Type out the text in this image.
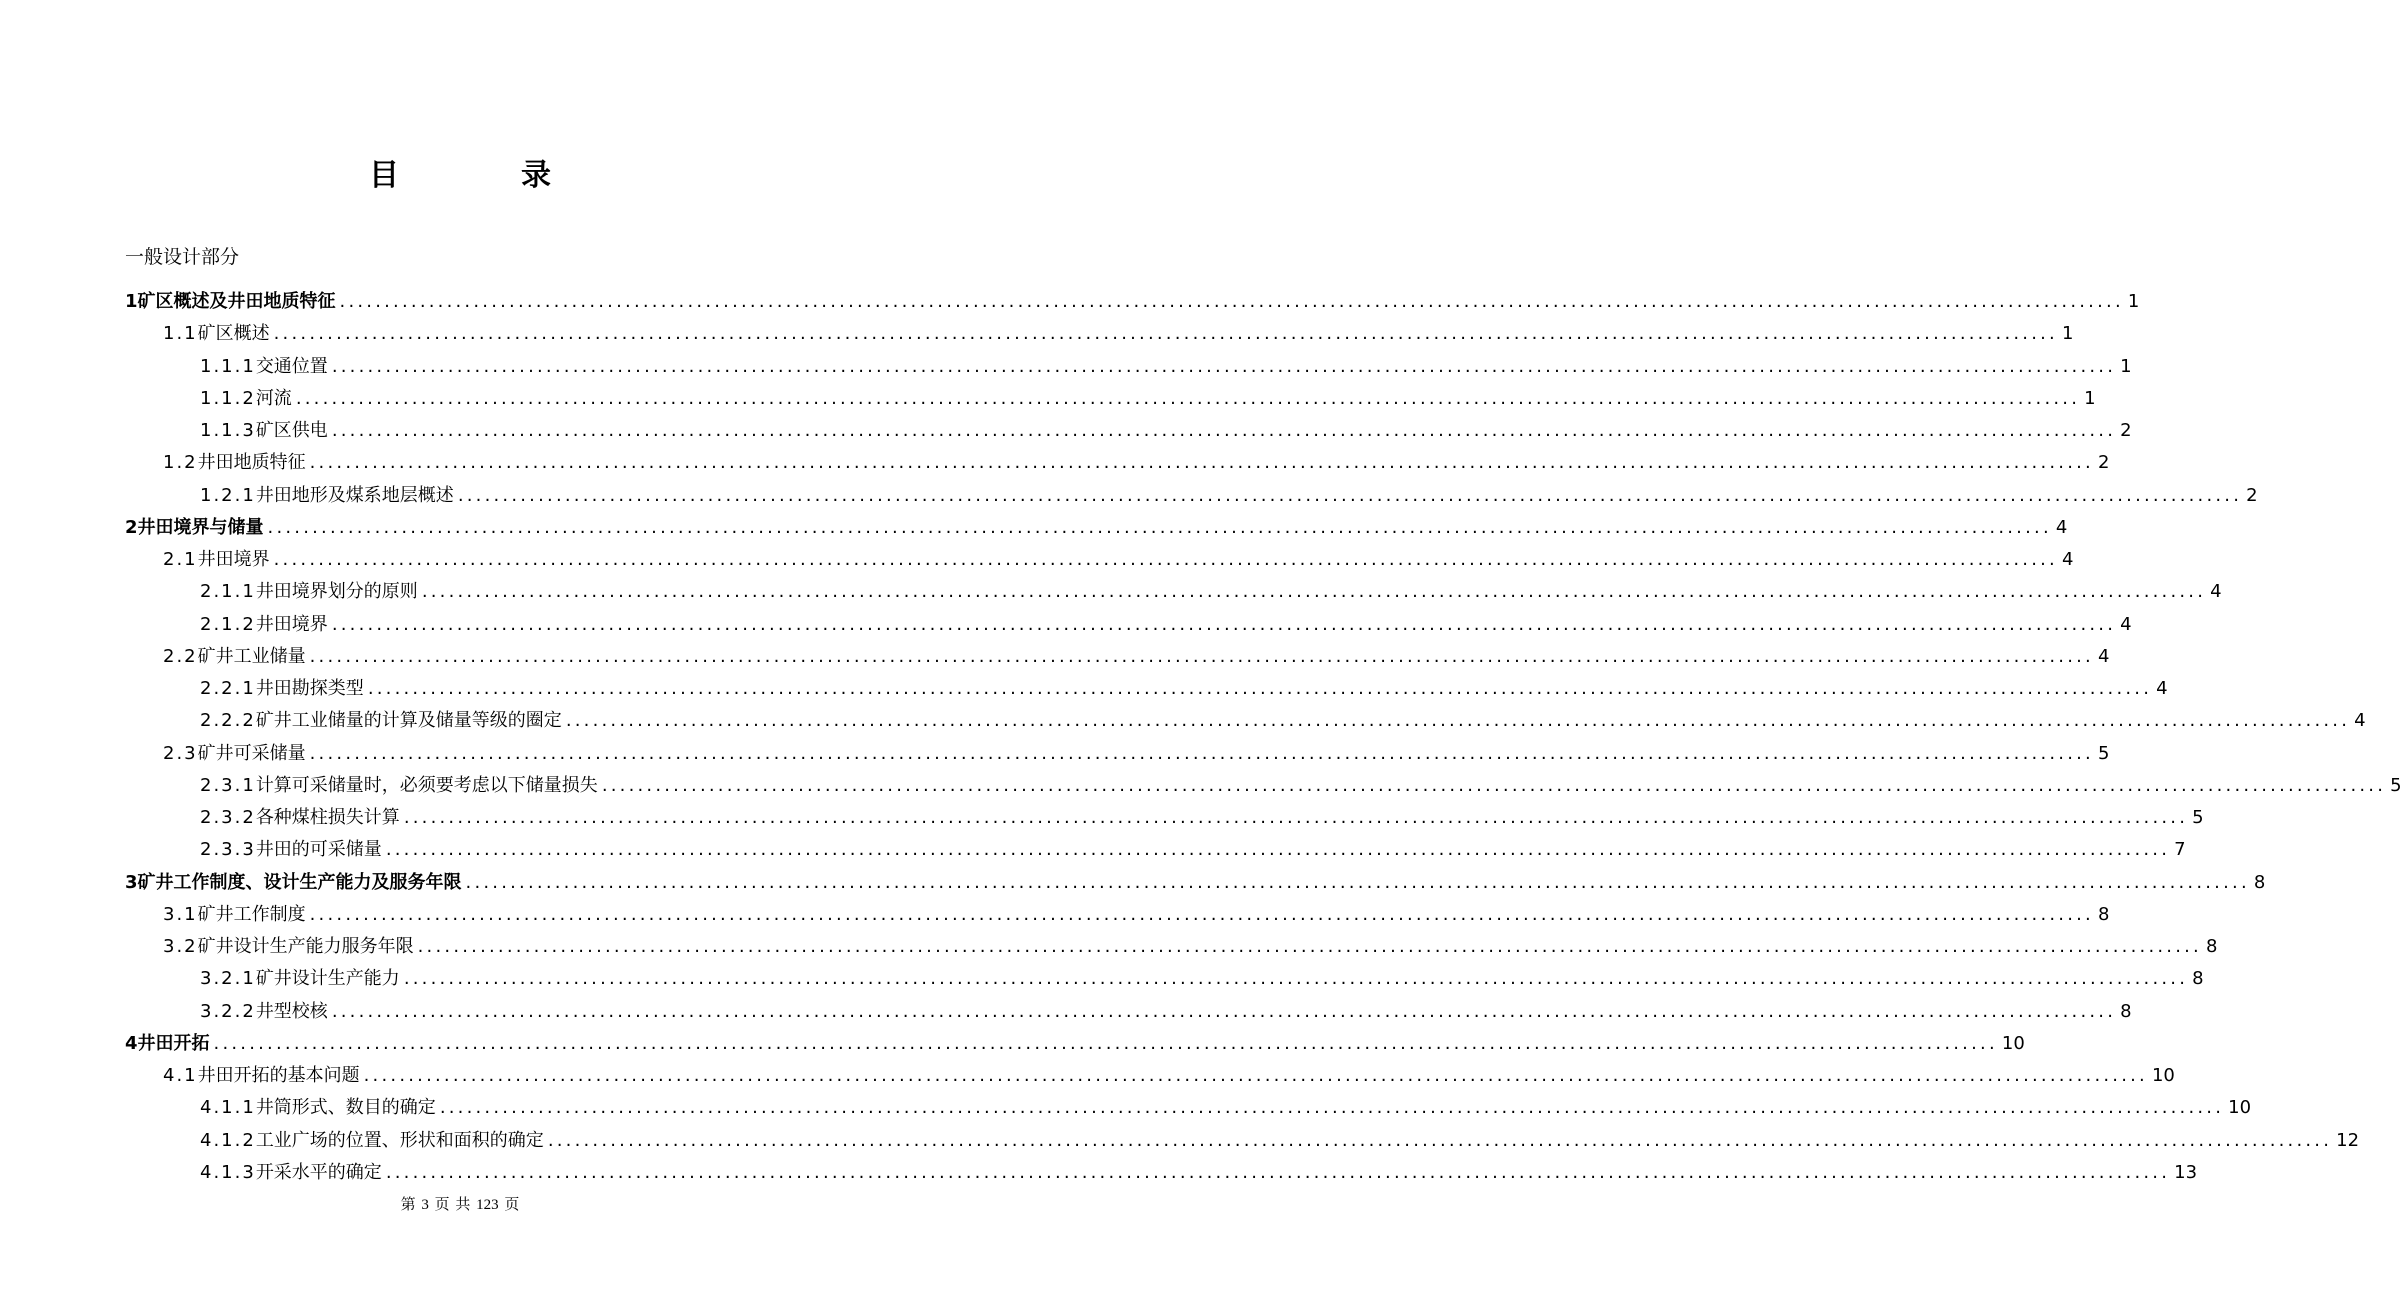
目　录
一般设计部分
1 矿区概述及井田地质特征 ........................................................................................................................................................................................................ 1
1.1 矿区概述 ........................................................................................................................................................................................................ 1
1.1.1 交通位置 ........................................................................................................................................................................................................ 1
1.1.2 河流 ........................................................................................................................................................................................................ 1
1.1.3 矿区供电 ........................................................................................................................................................................................................ 2
1.2 井田地质特征 ........................................................................................................................................................................................................ 2
1.2.1 井田地形及煤系地层概述 ........................................................................................................................................................................................................ 2
2 井田境界与储量 ........................................................................................................................................................................................................ 4
2.1 井田境界 ........................................................................................................................................................................................................ 4
2.1.1 井田境界划分的原则 ........................................................................................................................................................................................................ 4
2.1.2 井田境界 ........................................................................................................................................................................................................ 4
2.2 矿井工业储量 ........................................................................................................................................................................................................ 4
2.2.1 井田勘探类型 ........................................................................................................................................................................................................ 4
2.2.2 矿井工业储量的计算及储量等级的圈定 ........................................................................................................................................................................................................ 4
2.3 矿井可采储量 ........................................................................................................................................................................................................ 5
2.3.1 计算可采储量时，必须要考虑以下储量损失 ........................................................................................................................................................................................................ 5
2.3.2 各种煤柱损失计算 ........................................................................................................................................................................................................ 5
2.3.3 井田的可采储量 ........................................................................................................................................................................................................ 7
3 矿井工作制度、设计生产能力及服务年限 ........................................................................................................................................................................................................ 8
3.1 矿井工作制度 ........................................................................................................................................................................................................ 8
3.2 矿井设计生产能力服务年限 ........................................................................................................................................................................................................ 8
3.2.1 矿井设计生产能力 ........................................................................................................................................................................................................ 8
3.2.2 井型校核 ........................................................................................................................................................................................................ 8
4 井田开拓 ........................................................................................................................................................................................................ 10
4.1 井田开拓的基本问题 ........................................................................................................................................................................................................ 10
4.1.1 井筒形式、数目的确定 ........................................................................................................................................................................................................ 10
4.1.2 工业广场的位置、形状和面积的确定 ........................................................................................................................................................................................................ 12
4.1.3 开采水平的确定 ........................................................................................................................................................................................................ 13
第 3 页 共 123 页
